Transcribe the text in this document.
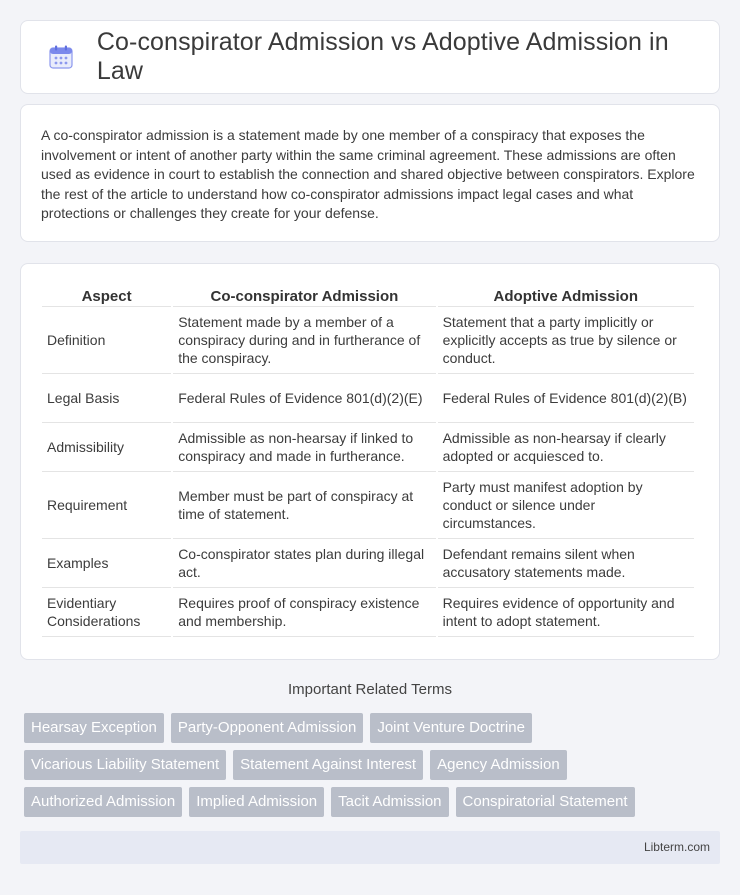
Co-conspirator Admission vs Adoptive Admission in Law

A co-conspirator admission is a statement made by one member of a conspiracy that exposes the involvement or intent of another party within the same criminal agreement. These admissions are often used as evidence in court to establish the connection and shared objective between conspirators. Explore the rest of the article to understand how co-conspirator admissions impact legal cases and what protections or challenges they create for your defense.

Aspect	Co-conspirator Admission	Adoptive Admission
Definition	Statement made by a member of a conspiracy during and in furtherance of the conspiracy.	Statement that a party implicitly or explicitly accepts as true by silence or conduct.
Legal Basis	Federal Rules of Evidence 801(d)(2)(E)	Federal Rules of Evidence 801(d)(2)(B)
Admissibility	Admissible as non-hearsay if linked to conspiracy and made in furtherance.	Admissible as non-hearsay if clearly adopted or acquiesced to.
Requirement	Member must be part of conspiracy at time of statement.	Party must manifest adoption by conduct or silence under circumstances.
Examples	Co-conspirator states plan during illegal act.	Defendant remains silent when accusatory statements made.
Evidentiary Considerations	Requires proof of conspiracy existence and membership.	Requires evidence of opportunity and intent to adopt statement.
Important Related Terms
Hearsay Exception	Party-Opponent Admission	Joint Venture Doctrine
Vicarious Liability Statement	Statement Against Interest	Agency Admission
Authorized Admission	Implied Admission	Tacit Admission	Conspiratorial Statement
Libterm.com
